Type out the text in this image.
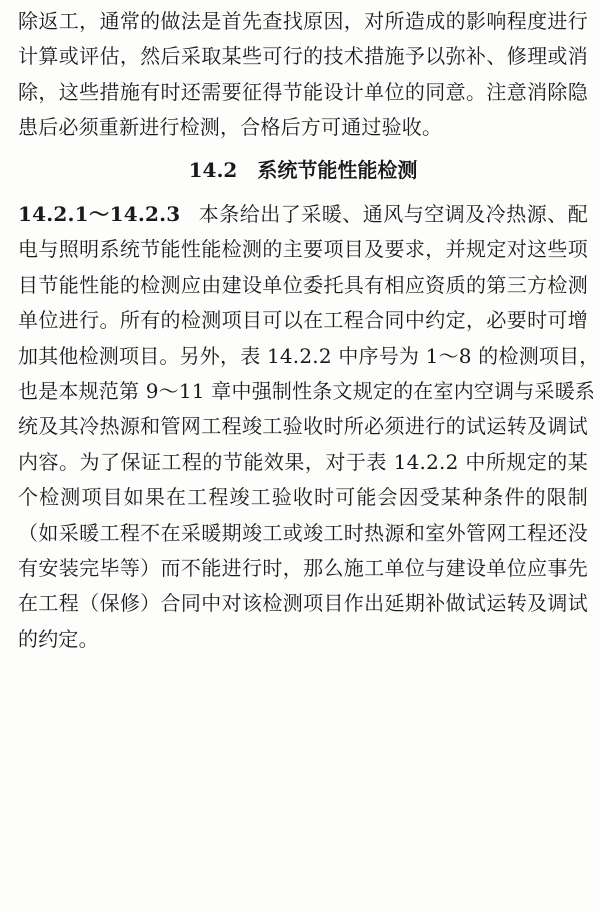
除返工，通常的做法是首先查找原因，对所造成的影响程度进行
计算或评估，然后采取某些可行的技术措施予以弥补、修理或消
除，这些措施有时还需要征得节能设计单位的同意。注意消除隐
患后必须重新进行检测，合格后方可通过验收。
14.2 系统节能性能检测
14.2.1～14.2.3 本条给出了采暖、通风与空调及冷热源、配
电与照明系统节能性能检测的主要项目及要求，并规定对这些项
目节能性能的检测应由建设单位委托具有相应资质的第三方检测
单位进行。所有的检测项目可以在工程合同中约定，必要时可增
加其他检测项目。另外，表 14.2.2 中序号为 1～8 的检测项目，
也是本规范第 9～11 章中强制性条文规定的在室内空调与采暖系
统及其冷热源和管网工程竣工验收时所必须进行的试运转及调试
内容。为了保证工程的节能效果，对于表 14.2.2 中所规定的某
个检测项目如果在工程竣工验收时可能会因受某种条件的限制
（如采暖工程不在采暖期竣工或竣工时热源和室外管网工程还没
有安装完毕等）而不能进行时，那么施工单位与建设单位应事先
在工程（保修）合同中对该检测项目作出延期补做试运转及调试
的约定。
